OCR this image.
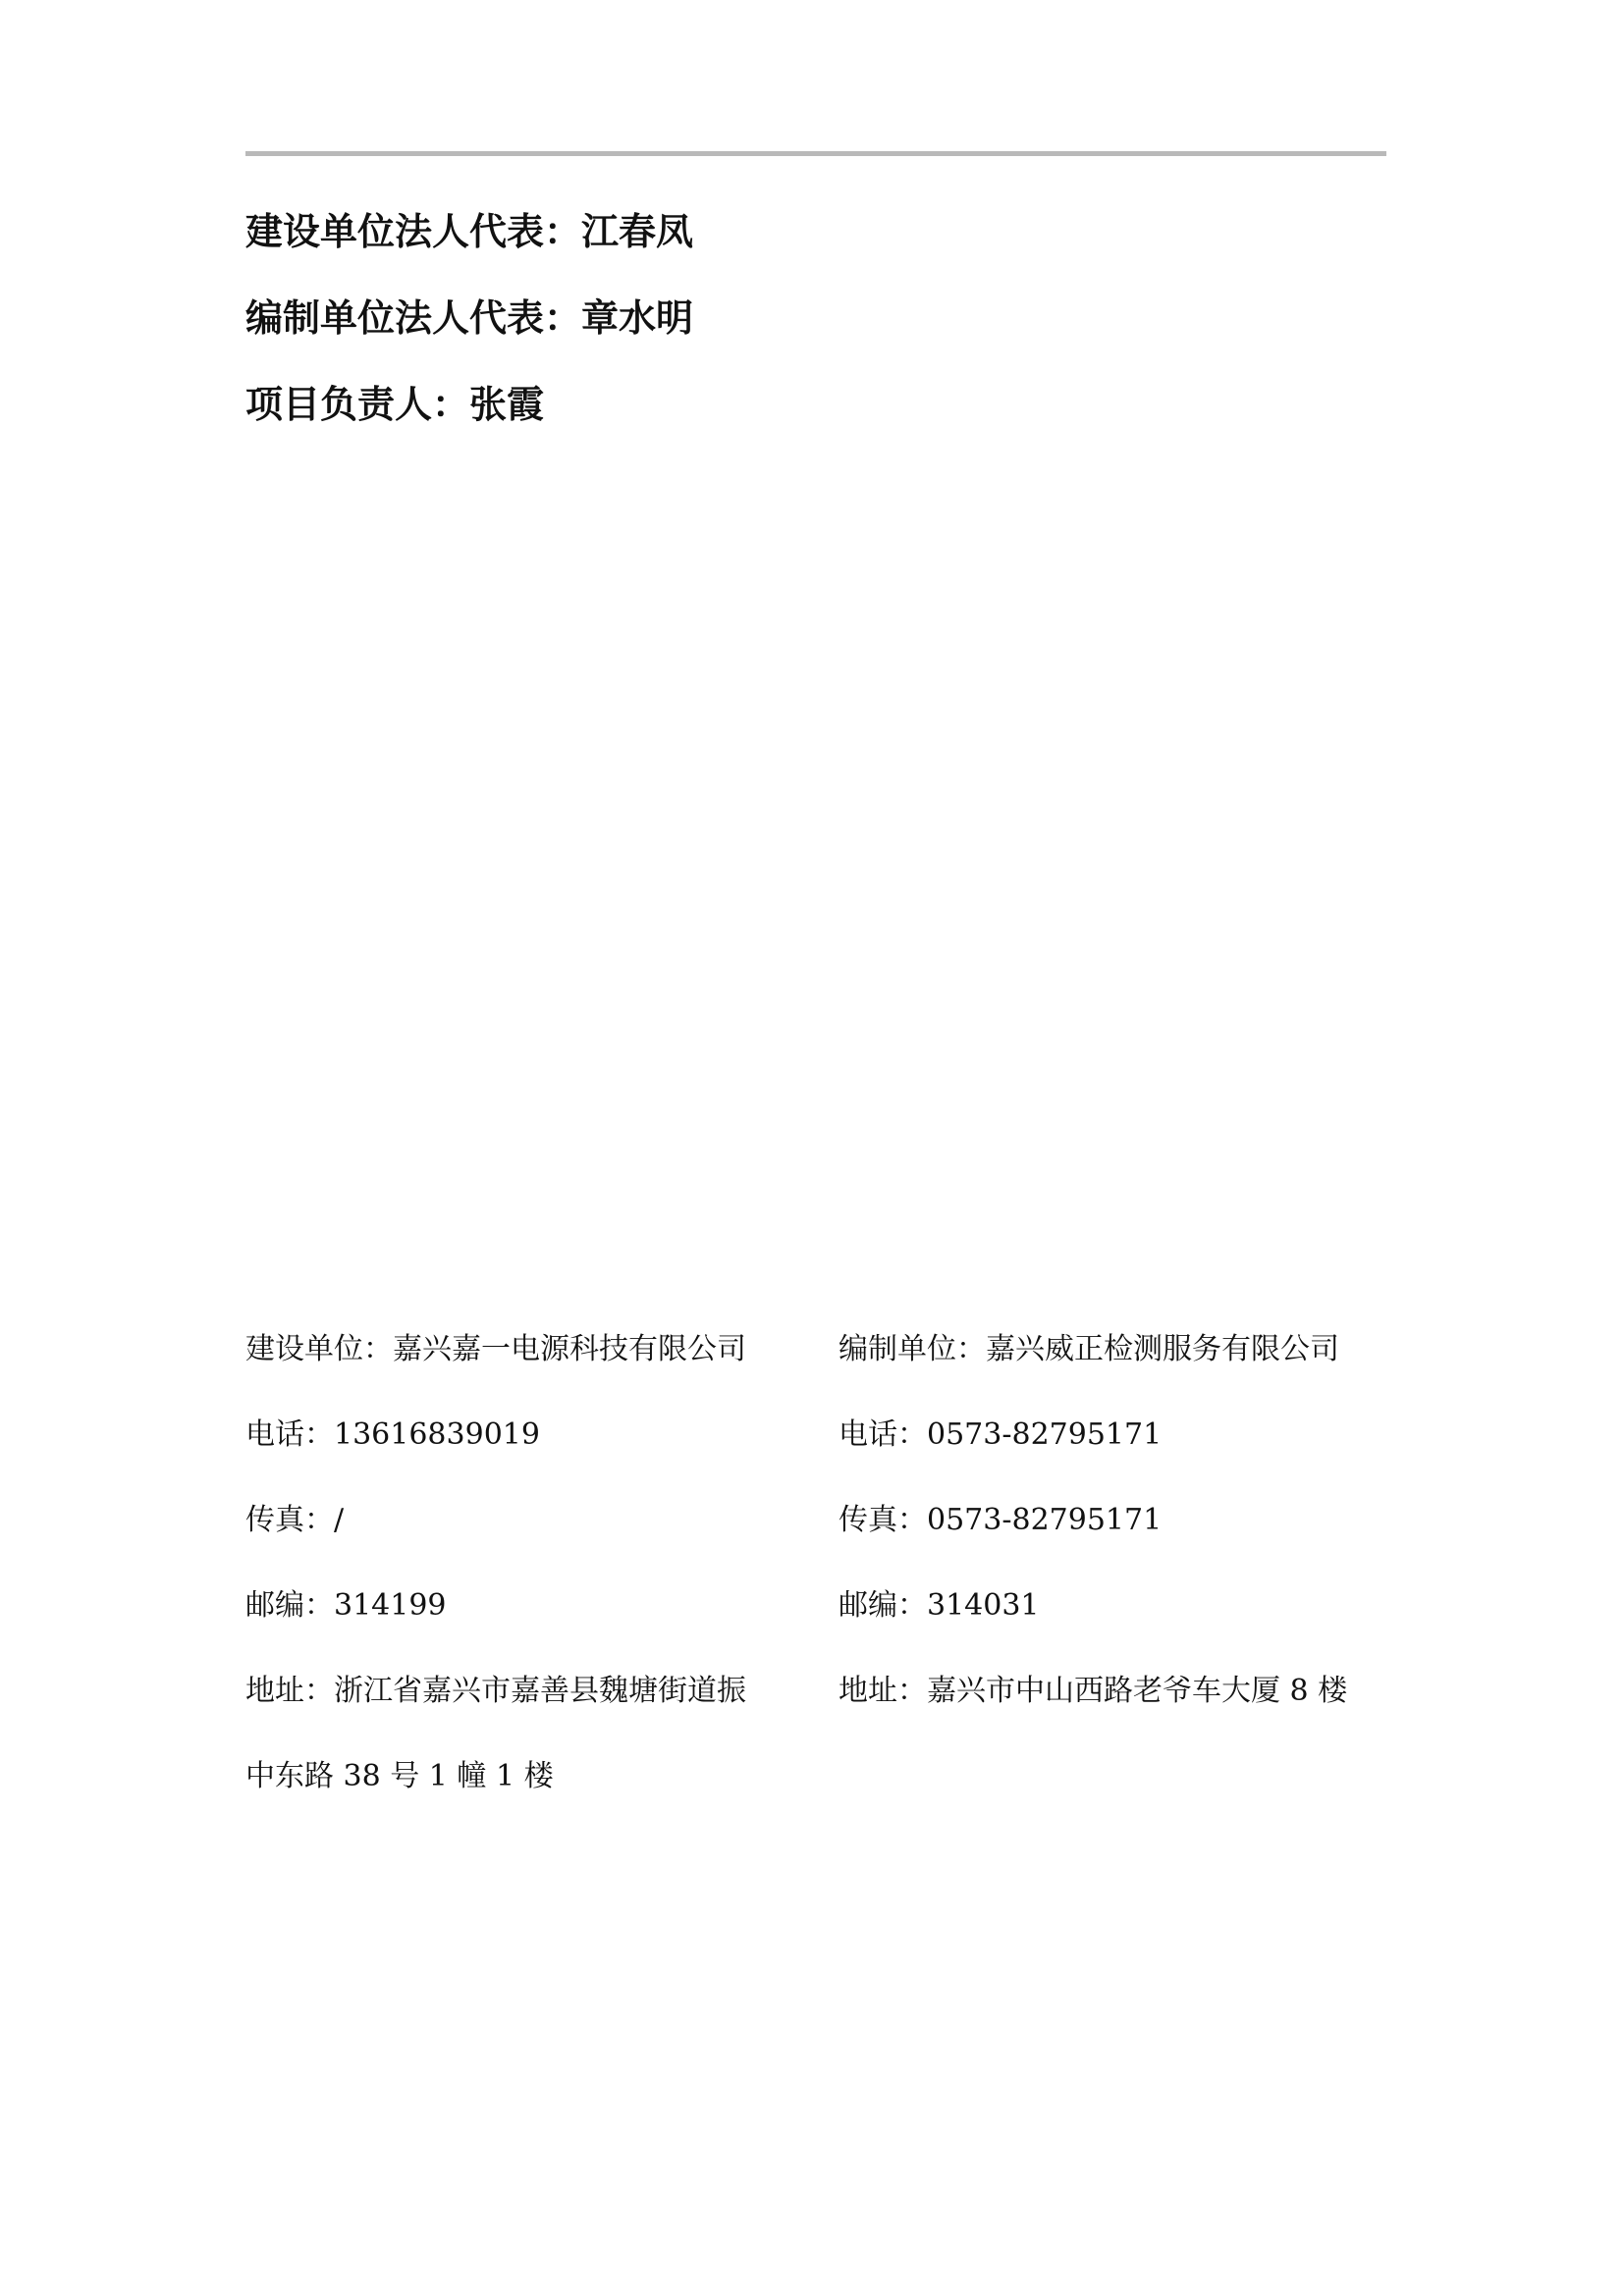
建设单位法人代表：江春凤
编制单位法人代表：章水明
项目负责人：张霞
建设单位：嘉兴嘉一电源科技有限公司
电话：13616839019
传真：/
邮编：314199
地址：浙江省嘉兴市嘉善县魏塘街道振
中东路 38 号 1 幢 1 楼
编制单位：嘉兴威正检测服务有限公司
电话：0573-82795171
传真：0573-82795171
邮编：314031
地址：嘉兴市中山西路老爷车大厦 8 楼
